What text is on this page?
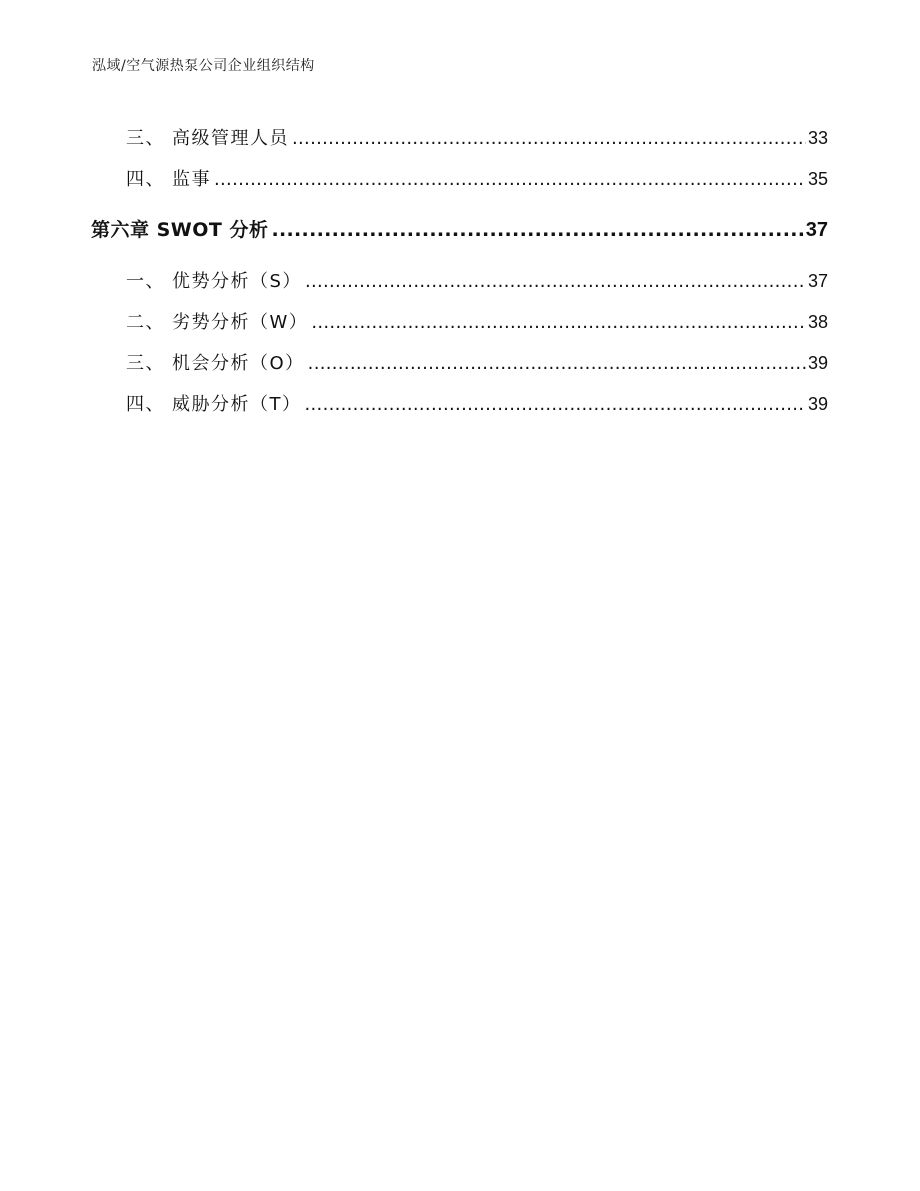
泓域/空气源热泵公司企业组织结构
三、 高级管理人员 .....	33
四、 监事 .....	35
第六章 SWOT 分析 .....	37
一、 优势分析（S） .....	37
二、 劣势分析（W） .....	38
三、 机会分析（O） .....	39
四、 威胁分析（T） .....	39
